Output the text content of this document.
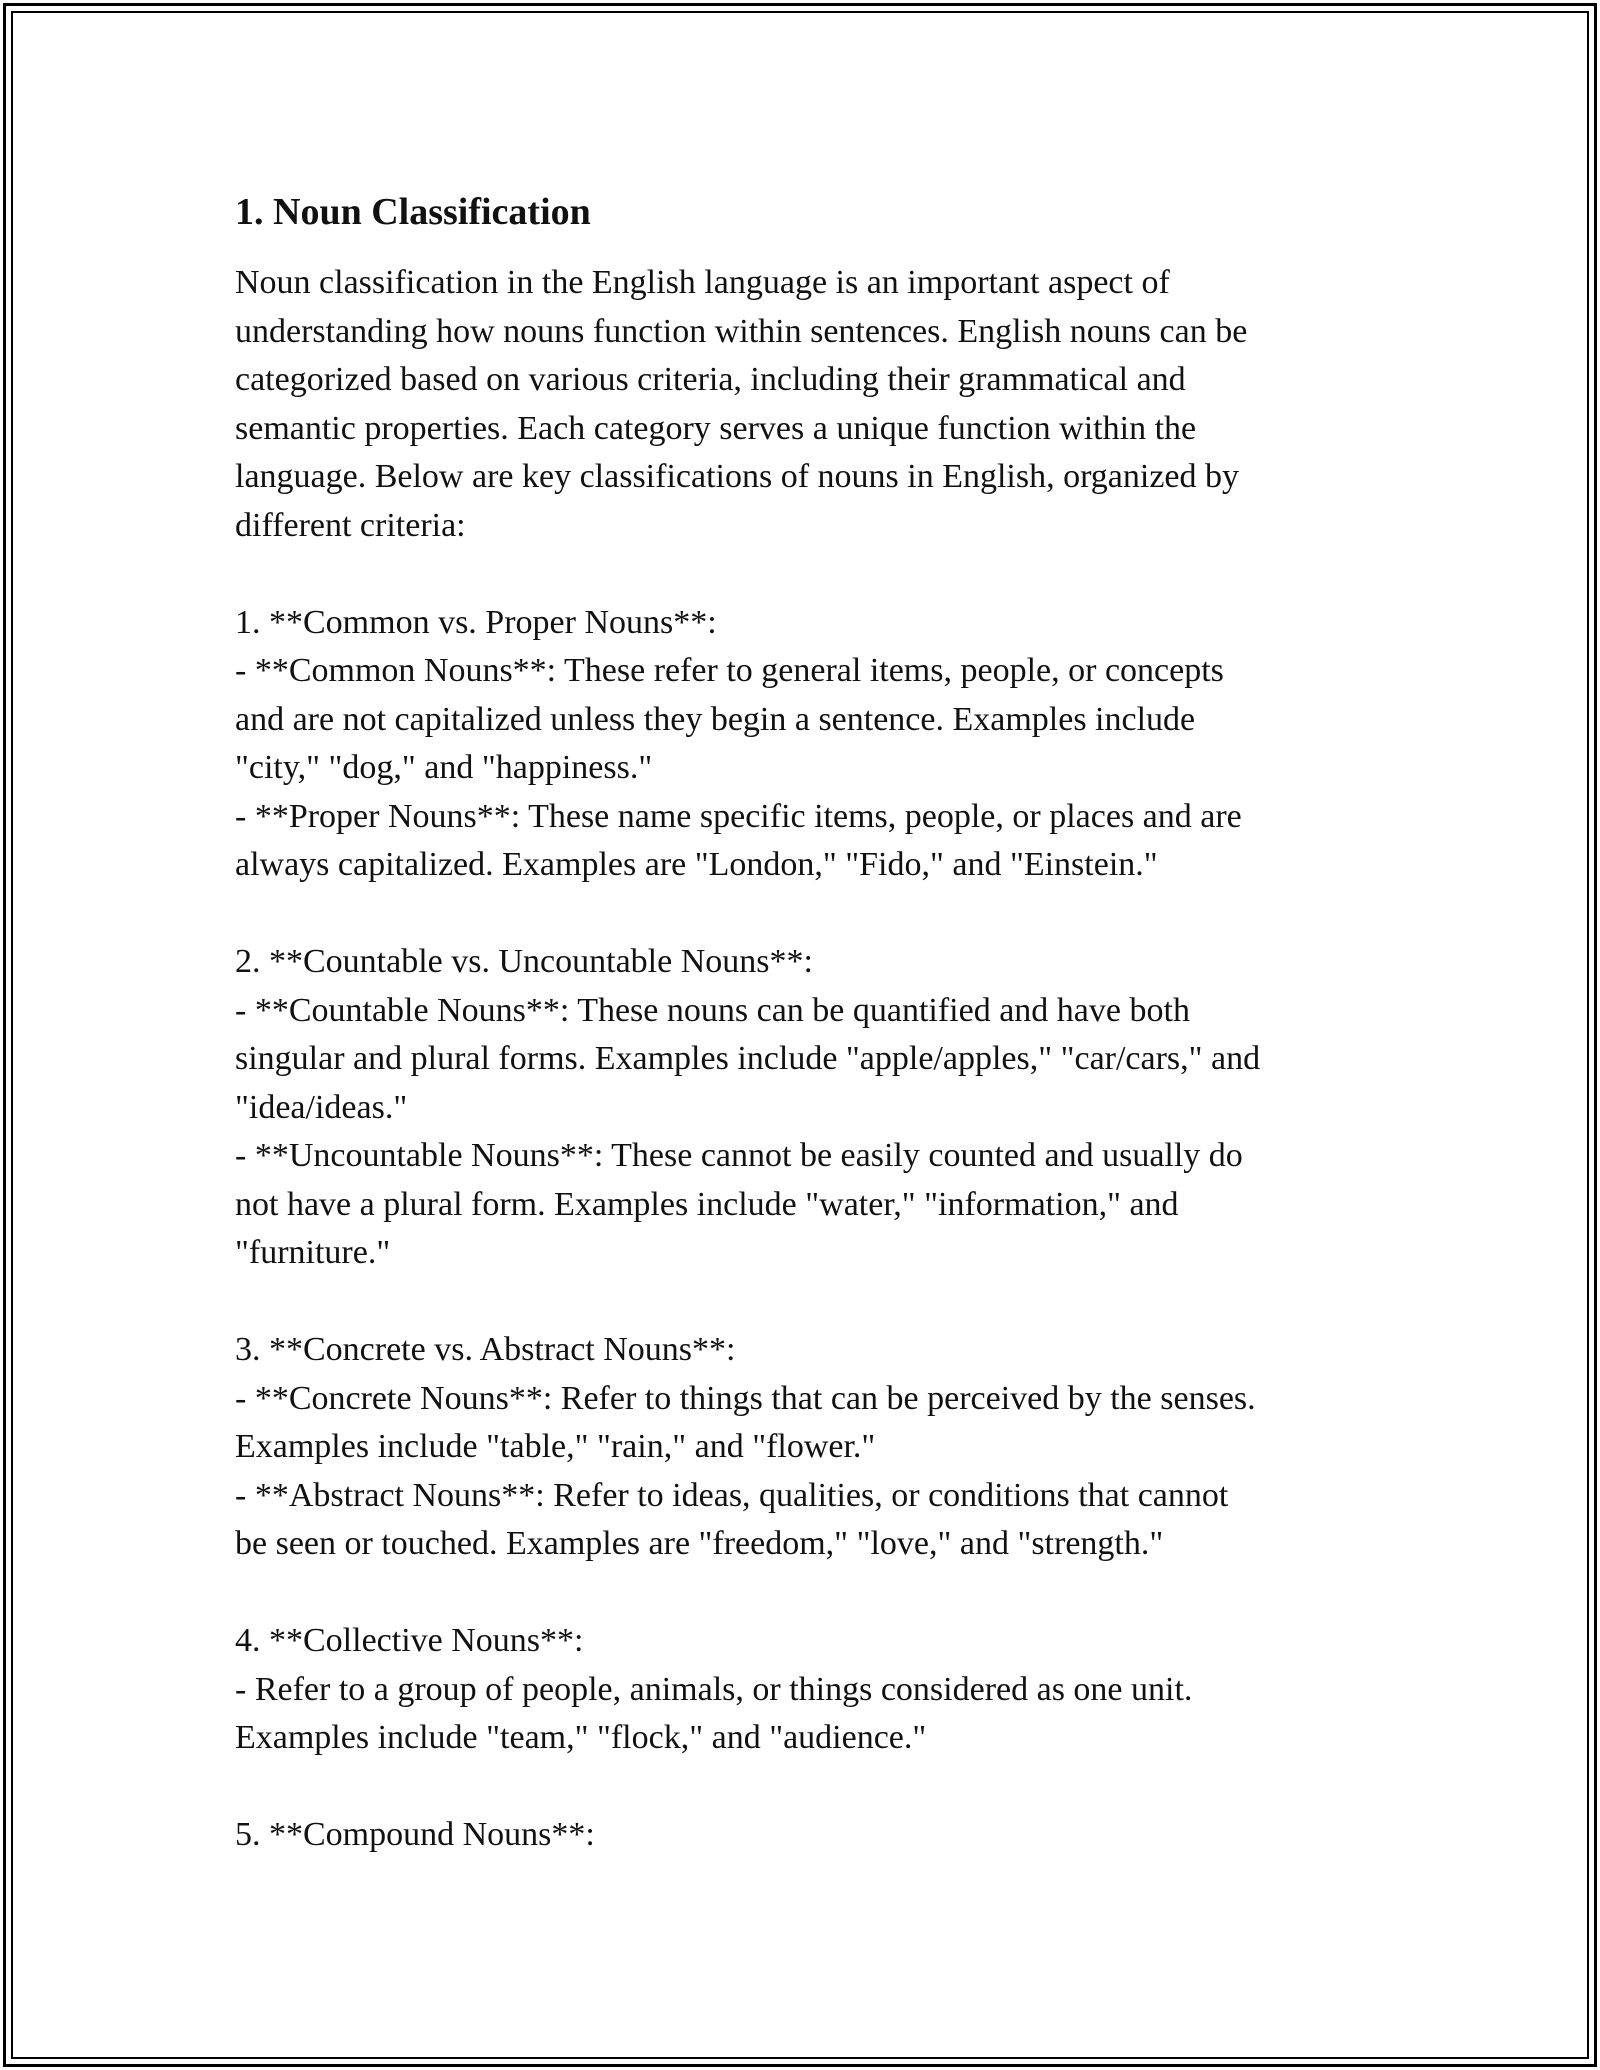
1. Noun Classification

Noun classification in the English language is an important aspect of
understanding how nouns function within sentences. English nouns can be
categorized based on various criteria, including their grammatical and
semantic properties. Each category serves a unique function within the
language. Below are key classifications of nouns in English, organized by
different criteria:

1. **Common vs. Proper Nouns**:
- **Common Nouns**: These refer to general items, people, or concepts
and are not capitalized unless they begin a sentence. Examples include
"city," "dog," and "happiness."
- **Proper Nouns**: These name specific items, people, or places and are
always capitalized. Examples are "London," "Fido," and "Einstein."

2. **Countable vs. Uncountable Nouns**:
- **Countable Nouns**: These nouns can be quantified and have both
singular and plural forms. Examples include "apple/apples," "car/cars," and
"idea/ideas."
- **Uncountable Nouns**: These cannot be easily counted and usually do
not have a plural form. Examples include "water," "information," and
"furniture."

3. **Concrete vs. Abstract Nouns**:
- **Concrete Nouns**: Refer to things that can be perceived by the senses.
Examples include "table," "rain," and "flower."
- **Abstract Nouns**: Refer to ideas, qualities, or conditions that cannot
be seen or touched. Examples are "freedom," "love," and "strength."

4. **Collective Nouns**:
- Refer to a group of people, animals, or things considered as one unit.
Examples include "team," "flock," and "audience."

5. **Compound Nouns**:
